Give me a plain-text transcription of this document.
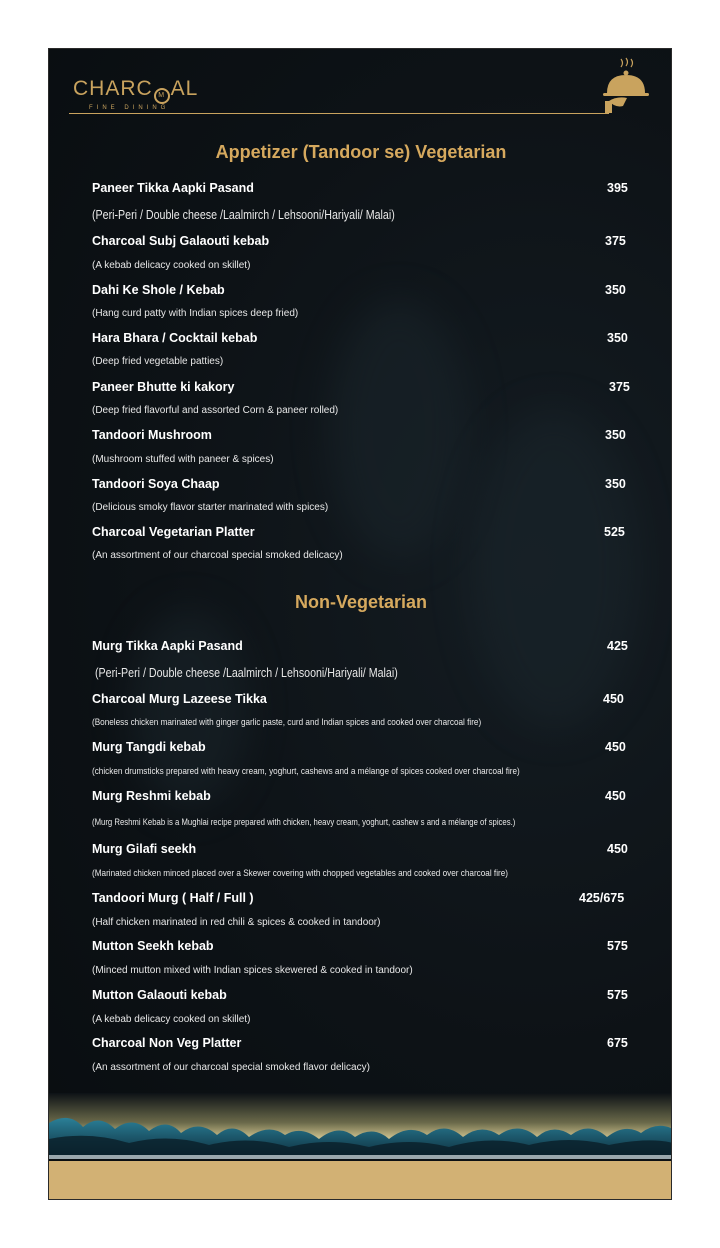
CHARC M AL
FINE DINING
Appetizer (Tandoor se) Vegetarian
Paneer Tikka Aapki Pasand	395
(Peri-Peri / Double cheese /Laalmirch / Lehsooni/Hariyali/ Malai)
Charcoal Subj Galaouti kebab	375
(A kebab delicacy cooked on skillet)
Dahi Ke Shole / Kebab	350
(Hang curd patty with Indian spices deep fried)
Hara Bhara / Cocktail kebab	350
(Deep fried vegetable patties)
Paneer Bhutte ki kakory	375
(Deep fried flavorful and assorted Corn & paneer rolled)
Tandoori Mushroom	350
(Mushroom stuffed with paneer & spices)
Tandoori Soya Chaap	350
(Delicious smoky flavor starter marinated with spices)
Charcoal Vegetarian Platter	525
(An assortment of our charcoal special smoked delicacy)
Non-Vegetarian
Murg Tikka Aapki Pasand	425
(Peri-Peri / Double cheese /Laalmirch / Lehsooni/Hariyali/ Malai)
Charcoal Murg Lazeese Tikka	450
(Boneless chicken marinated with ginger garlic paste, curd and Indian spices and cooked over charcoal fire)
Murg Tangdi kebab	450
(chicken drumsticks prepared with heavy cream, yoghurt, cashews and a mélange of spices cooked over charcoal fire)
Murg Reshmi kebab	450
(Murg Reshmi Kebab is a Mughlai recipe prepared with chicken, heavy cream, yoghurt, cashew s and a mélange of spices.)
Murg Gilafi seekh	450
(Marinated chicken minced placed over a Skewer covering with chopped vegetables and cooked over charcoal fire)
Tandoori Murg ( Half / Full )	425/675
(Half chicken marinated in red chili & spices & cooked in tandoor)
Mutton Seekh kebab	575
(Minced mutton mixed with Indian spices skewered & cooked in tandoor)
Mutton Galaouti kebab	575
(A kebab delicacy cooked on skillet)
Charcoal Non Veg Platter	675
(An assortment of our charcoal special smoked flavor delicacy)
